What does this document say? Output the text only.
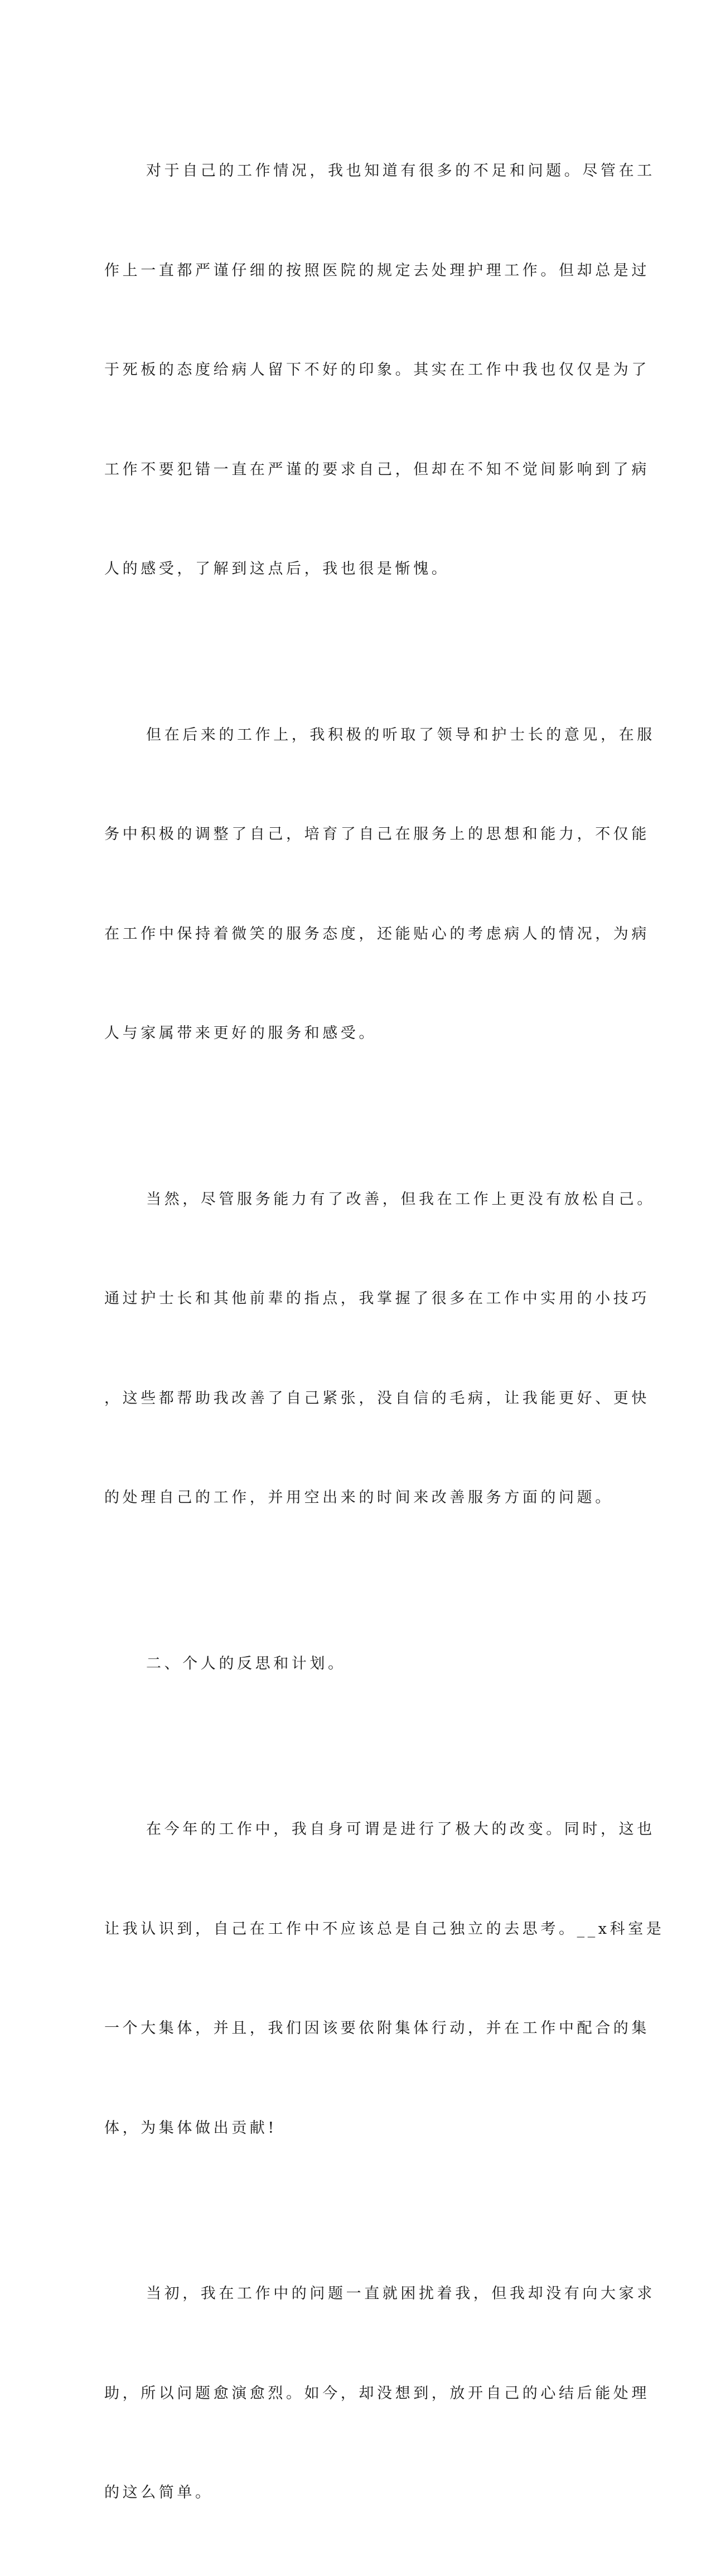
对于自己的工作情况，我也知道有很多的不足和问题。尽管在工

作上一直都严谨仔细的按照医院的规定去处理护理工作。但却总是过

于死板的态度给病人留下不好的印象。其实在工作中我也仅仅是为了

工作不要犯错一直在严谨的要求自己，但却在不知不觉间影响到了病

人的感受，了解到这点后，我也很是惭愧。

但在后来的工作上，我积极的听取了领导和护士长的意见，在服

务中积极的调整了自己，培育了自己在服务上的思想和能力，不仅能

在工作中保持着微笑的服务态度，还能贴心的考虑病人的情况，为病

人与家属带来更好的服务和感受。

当然，尽管服务能力有了改善，但我在工作上更没有放松自己。

通过护士长和其他前辈的指点，我掌握了很多在工作中实用的小技巧

，这些都帮助我改善了自己紧张，没自信的毛病，让我能更好、更快

的处理自己的工作，并用空出来的时间来改善服务方面的问题。

二、个人的反思和计划。

在今年的工作中，我自身可谓是进行了极大的改变。同时，这也

让我认识到，自己在工作中不应该总是自己独立的去思考。__x科室是

一个大集体，并且，我们因该要依附集体行动，并在工作中配合的集

体，为集体做出贡献!

当初，我在工作中的问题一直就困扰着我，但我却没有向大家求

助，所以问题愈演愈烈。如今，却没想到，放开自己的心结后能处理

的这么简单。
